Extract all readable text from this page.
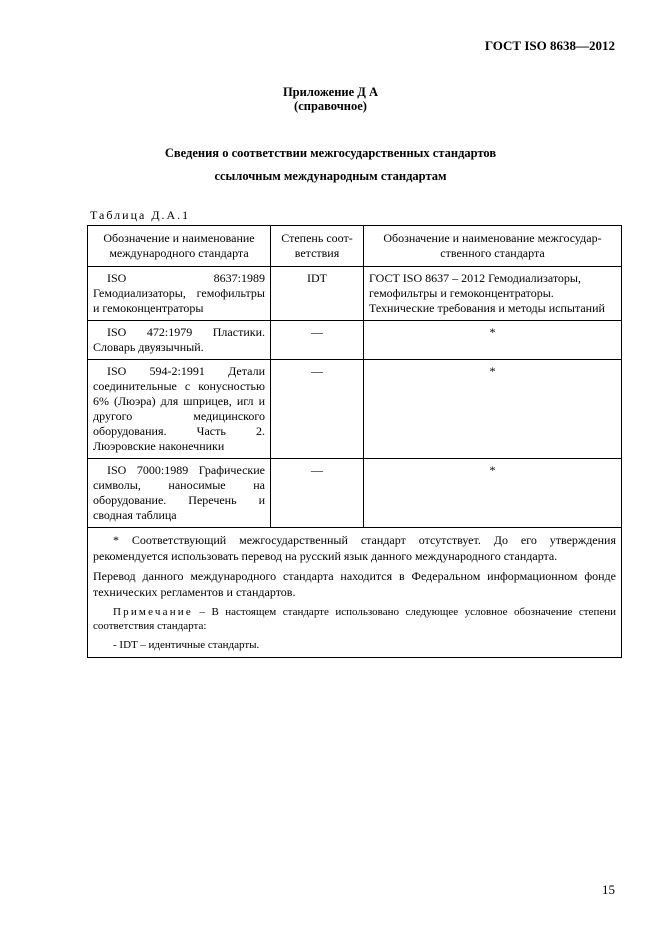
ГОСТ ISO 8638—2012
Приложение Д А
(справочное)
Сведения о соответствии межгосударственных стандартов
ссылочным международным стандартам
Таблица Д.А.1
Обозначение и наименование международного стандарта	Степень соот-ветствия	Обозначение и наименование межгосудар-ственного стандарта
ISO 8637:1989 Гемодиализаторы, гемофильтры и гемоконцентраторы	IDT	ГОСТ ISO 8637 – 2012 Гемодиализаторы, гемофильтры и гемоконцентраторы. Технические требования и методы испытаний
ISO 472:1979 Пластики. Словарь двуязычный.	—	*
ISO 594-2:1991 Детали соединительные с конусностью 6% (Люэра) для шприцев, игл и другого медицинского оборудования. Часть 2. Люэровские наконечники	—	*
ISO 7000:1989 Графические символы, наносимые на оборудование. Перечень и сводная таблица	—	*

* Соответствующий межгосударственный стандарт отсутствует. До его утверждения рекомендуется использовать перевод на русский язык данного международного стандарта.

Перевод данного международного стандарта находится в Федеральном информационном фонде технических регламентов и стандартов.

Примечание – В настоящем стандарте использовано следующее условное обозначение степени соответствия стандарта:

- IDT – идентичные стандарты.		

15
